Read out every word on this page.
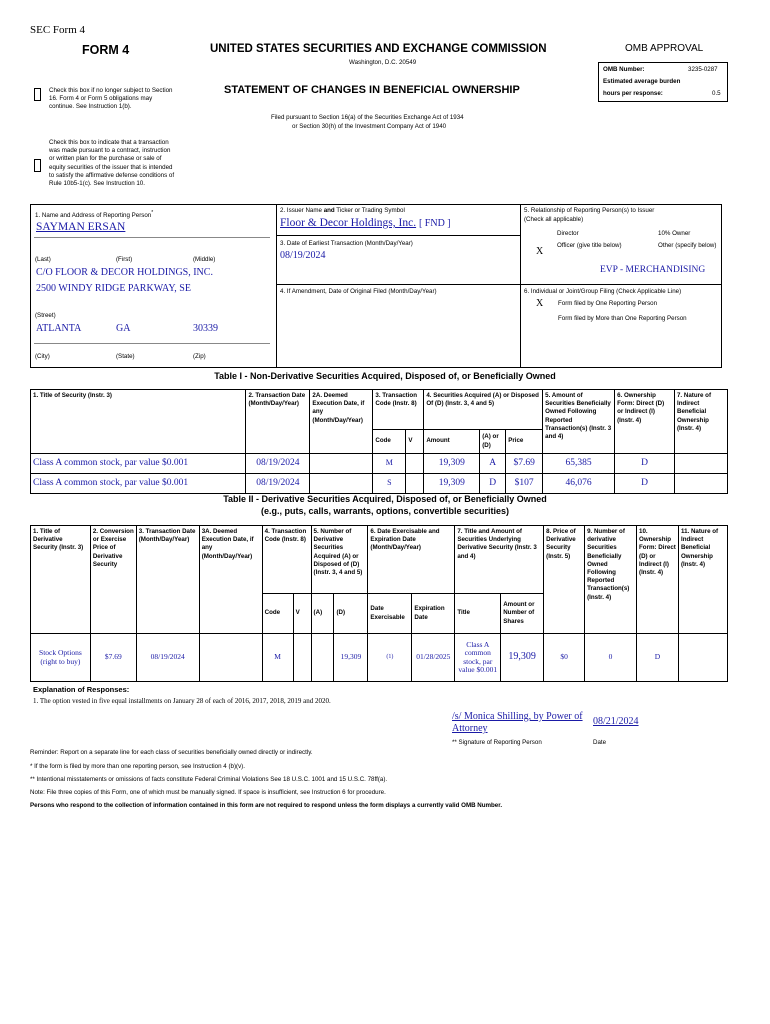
SEC Form 4
FORM 4	UNITED STATES SECURITIES AND EXCHANGE COMMISSION
Washington, D.C. 20549
OMB APPROVAL
OMB Number:	3235-0287
Estimated average burden
hours per response:	0.5
Check this box if no longer subject to Section 16. Form 4 or Form 5 obligations may continue. See Instruction 1(b).
STATEMENT OF CHANGES IN BENEFICIAL OWNERSHIP
Filed pursuant to Section 16(a) of the Securities Exchange Act of 1934
or Section 30(h) of the Investment Company Act of 1940
Check this box to indicate that a transaction was made pursuant to a contract, instruction or written plan for the purchase or sale of equity securities of the issuer that is intended to satisfy the affirmative defense conditions of Rule 10b5-1(c). See Instruction 10.
1. Name and Address of Reporting Person*
SAYMAN ERSAN
(Last)	(First)	(Middle)
C/O FLOOR & DECOR HOLDINGS, INC.
2500 WINDY RIDGE PARKWAY, SE
(Street)
ATLANTA	GA	30339
(City)	(State)	(Zip)
2. Issuer Name and Ticker or Trading Symbol
Floor & Decor Holdings, Inc. [ FND ]
3. Date of Earliest Transaction (Month/Day/Year)
08/19/2024
4. If Amendment, Date of Original Filed (Month/Day/Year)
5. Relationship of Reporting Person(s) to Issuer
(Check all applicable)
Director	10% Owner
X
Officer (give title below)	Other (specify below)
EVP - MERCHANDISING
6. Individual or Joint/Group Filing (Check Applicable Line)
X Form filed by One Reporting Person
Form filed by More than One Reporting Person
Table I - Non-Derivative Securities Acquired, Disposed of, or Beneficially Owned
1. Title of Security (Instr. 3)	2. Transaction Date (Month/Day/Year)	2A. Deemed Execution Date, if any (Month/Day/Year)	3. Transaction Code (Instr. 8)		4. Securities Acquired (A) or Disposed Of (D) (Instr. 3, 4 and 5)			5. Amount of Securities Beneficially Owned Following Reported Transaction(s) (Instr. 3 and 4)	6. Ownership Form: Direct (D) or Indirect (I) (Instr. 4)	7. Nature of Indirect Beneficial Ownership (Instr. 4)
			Code	V	Amount	(A) or (D)	Price			
Class A common stock, par value $0.001	08/19/2024		M		19,309	A	$7.69	65,385	D	
Class A common stock, par value $0.001	08/19/2024		S		19,309	D	$107	46,076	D	
Table II - Derivative Securities Acquired, Disposed of, or Beneficially Owned
(e.g., puts, calls, warrants, options, convertible securities)
1. Title of Derivative Security (Instr. 3)	2. Conversion or Exercise Price of Derivative Security	3. Transaction Date (Month/Day/Year)	3A. Deemed Execution Date, if any (Month/Day/Year)	4. Transaction Code (Instr. 8)		5. Number of Derivative Securities Acquired (A) or Disposed of (D) (Instr. 3, 4 and 5)		6. Date Exercisable and Expiration Date (Month/Day/Year)		7. Title and Amount of Securities Underlying Derivative Security (Instr. 3 and 4)		8. Price of Derivative Security (Instr. 5)	9. Number of derivative Securities Beneficially Owned Following Reported Transaction(s) (Instr. 4)	10. Ownership Form: Direct (D) or Indirect (I) (Instr. 4)	11. Nature of Indirect Beneficial Ownership (Instr. 4)
				Code	V	(A)	(D)	Date Exercisable	Expiration Date	Title	Amount or Number of Shares				
Stock Options (right to buy)	$7.69	08/19/2024		M			19,309	(1)	01/28/2025	Class A common stock, par value $0.001	19,309	$0	0	D	
Explanation of Responses:
1. The option vested in five equal installments on January 28 of each of 2016, 2017, 2018, 2019 and 2020.
/s/ Monica Shilling, by Power of Attorney
08/21/2024
** Signature of Reporting Person	Date
Reminder: Report on a separate line for each class of securities beneficially owned directly or indirectly.
* If the form is filed by more than one reporting person, see Instruction 4 (b)(v).
** Intentional misstatements or omissions of facts constitute Federal Criminal Violations See 18 U.S.C. 1001 and 15 U.S.C. 78ff(a).
Note: File three copies of this Form, one of which must be manually signed. If space is insufficient, see Instruction 6 for procedure.
Persons who respond to the collection of information contained in this form are not required to respond unless the form displays a currently valid OMB Number.
